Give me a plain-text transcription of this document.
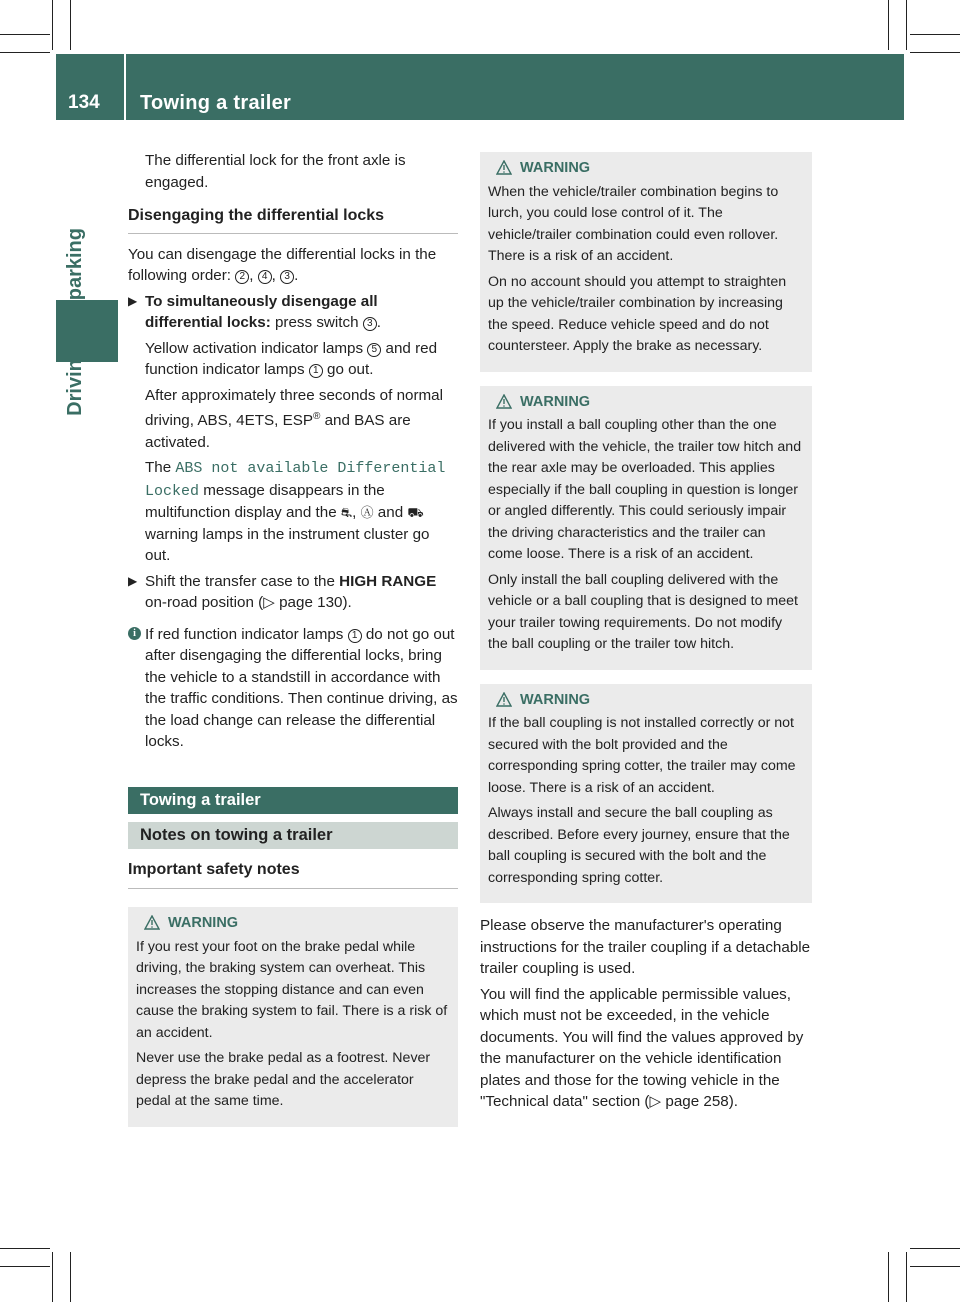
134 Towing a trailer

The differential lock for the front axle is engaged.

Disengaging the differential locks

You can disengage the differential locks in the following order: 2 , 4 , 3 .

▶ To simultaneously disengage all differential locks: press switch 3 .

Yellow activation indicator lamps 5 and red function indicator lamps 1 go out.

After approximately three seconds of normal driving, ABS, 4ETS, ESP® and BAS are activated.

The ABS not available Differential Locked message disappears in the multifunction display and the ⛐, Ⓐ and ⛟ warning lamps in the instrument cluster go out.

▶ Shift the transfer case to the HIGH RANGE on-road position (▷ page 130).
i If red function indicator lamps 1 do not go out after disengaging the differential locks, bring the vehicle to a standstill in accordance with the traffic conditions. Then continue driving, as the load change can release the differential locks.
Towing a trailer
Notes on towing a trailer
Important safety notes
WARNING

If you rest your foot on the brake pedal while driving, the braking system can overheat. This increases the stopping distance and can even cause the braking system to fail. There is a risk of an accident.

Never use the brake pedal as a footrest. Never depress the brake pedal and the accelerator pedal at the same time.

WARNING

When the vehicle/trailer combination begins to lurch, you could lose control of it. The vehicle/trailer combination could even rollover. There is a risk of an accident.

On no account should you attempt to straighten up the vehicle/trailer combination by increasing the speed. Reduce vehicle speed and do not countersteer. Apply the brake as necessary.

WARNING

If you install a ball coupling other than the one delivered with the vehicle, the trailer tow hitch and the rear axle may be overloaded. This applies especially if the ball coupling in question is longer or angled differently. This could seriously impair the driving characteristics and the trailer can come loose. There is a risk of an accident.

Only install the ball coupling delivered with the vehicle or a ball coupling that is designed to meet your trailer towing requirements. Do not modify the ball coupling or the trailer tow hitch.

WARNING

If the ball coupling is not installed correctly or not secured with the bolt provided and the corresponding spring cotter, the trailer may come loose. There is a risk of an accident.

Always install and secure the ball coupling as described. Before every journey, ensure that the ball coupling is secured with the bolt and the corresponding spring cotter.

Please observe the manufacturer's operating instructions for the trailer coupling if a detachable trailer coupling is used.

You will find the applicable permissible values, which must not be exceeded, in the vehicle documents. You will find the values approved by the manufacturer on the vehicle identification plates and those for the towing vehicle in the "Technical data" section (▷ page 258).
